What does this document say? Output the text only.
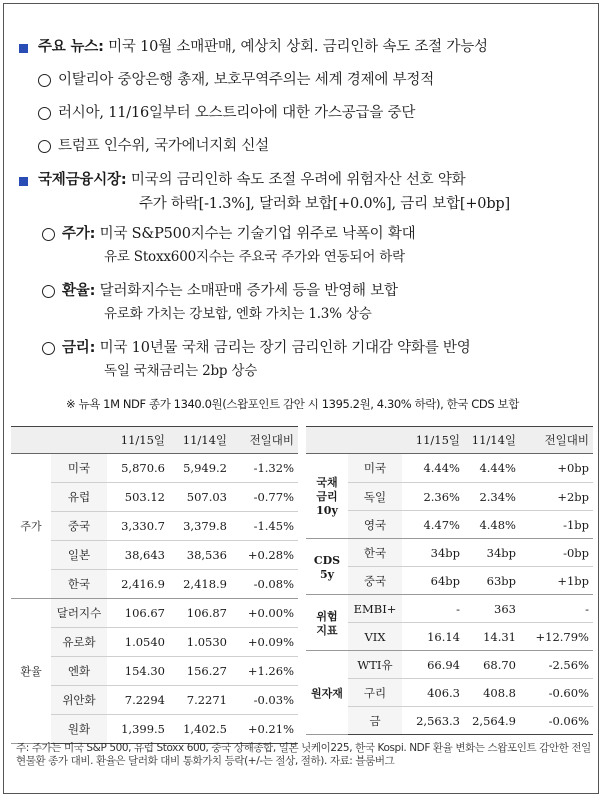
주요 뉴스: 미국 10월 소매판매, 예상치 상회. 금리인하 속도 조절 가능성
이탈리아 중앙은행 총재, 보호무역주의는 세계 경제에 부정적
러시아, 11/16일부터 오스트리아에 대한 가스공급을 중단
트럼프 인수위, 국가에너지회 신설
국제금융시장: 미국의 금리인하 속도 조절 우려에 위험자산 선호 약화
주가 하락[-1.3%], 달러화 보합[+0.0%], 금리 보합[+0bp]
주가: 미국 S&P500지수는 기술기업 위주로 낙폭이 확대
유로 Stoxx600지수는 주요국 주가와 연동되어 하락
환율: 달러화지수는 소매판매 증가세 등을 반영해 보합
유로화 가치는 강보합, 엔화 가치는 1.3% 상승
금리: 미국 10년물 국채 금리는 장기 금리인하 기대감 약화를 반영
독일 국채금리는 2bp 상승
※ 뉴욕 1M NDF 종가 1340.0원(스왑포인트 감안 시 1395.2원, 4.30% 하락), 한국 CDS 보합
		11/15일	11/14일	전일대비
주가	미국	5,870.6	5,949.2	-1.32%
	유럽	503.12	507.03	-0.77%
	중국	3,330.7	3,379.8	-1.45%
	일본	38,643	38,536	+0.28%
	한국	2,416.9	2,418.9	-0.08%
환율	달러지수	106.67	106.87	+0.00%
	유로화	1.0540	1.0530	+0.09%
	엔화	154.30	156.27	+1.26%
	위안화	7.2294	7.2271	-0.03%
	원화	1,399.5	1,402.5	+0.21%
		11/15일	11/14일	전일대비
국채
금리
10y	미국	4.44%	4.44%	+0bp
	독일	2.36%	2.34%	+2bp
	영국	4.47%	4.48%	-1bp
CDS
5y	한국	34bp	34bp	-0bp
	중국	64bp	63bp	+1bp
위험
지표	EMBI+	-	363	-
	VIX	16.14	14.31	+12.79%
원자재	WTI유	66.94	68.70	-2.56%
	구리	406.3	408.8	-0.60%
	금	2,563.3	2,564.9	-0.06%
주: 주가는 미국 S&P 500, 유럽 Stoxx 600, 중국 상해종합, 일본 닛케이225, 한국 Kospi. NDF 환율 변화는 스왑포인트 감안한 전일 현물환 종가 대비. 환율은 달러화 대비 통화가치 등락(+/-는 절상, 절하). 자료: 블룸버그
